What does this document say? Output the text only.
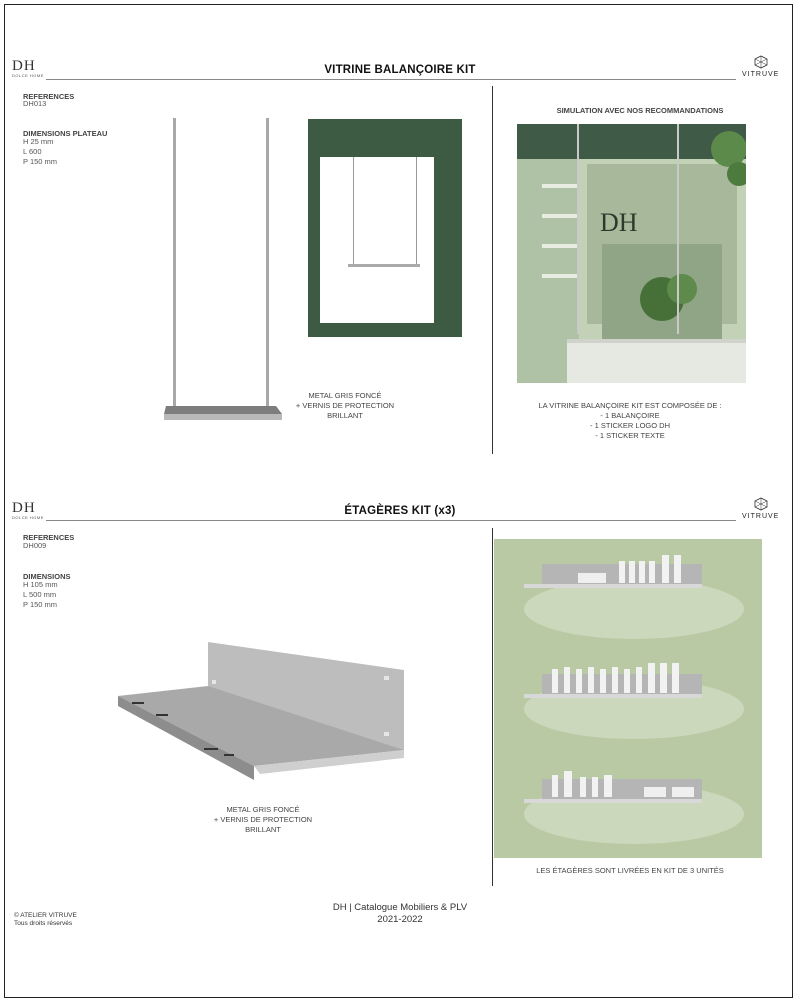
DH
DOLCE HOME	VITRINE BALANÇOIRE KIT	VITRUVE
REFERENCES
DH013
DIMENSIONS PLATEAU
H 25 mm
L 600
P 150 mm
METAL GRIS FONCÉ
+ VERNIS DE PROTECTION
BRILLANT
SIMULATION AVEC NOS RECOMMANDATIONS
DH
LA VITRINE BALANÇOIRE KIT EST COMPOSÉE DE :
- 1 BALANÇOIRE
- 1 STICKER LOGO DH
- 1 STICKER TEXTE
DH
DOLCE HOME
ÉTAGÈRES KIT (x3)	VITRUVE
REFERENCES
DH009
DIMENSIONS
H 105 mm
L 500 mm
P 150 mm
METAL GRIS FONCÉ
+ VERNIS DE PROTECTION
BRILLANT
LES ÉTAGÈRES SONT LIVRÉES EN KIT DE 3 UNITÉS
DH | Catalogue Mobiliers & PLV
2021-2022
© ATELIER VITRUVE
Tous droits réservés
